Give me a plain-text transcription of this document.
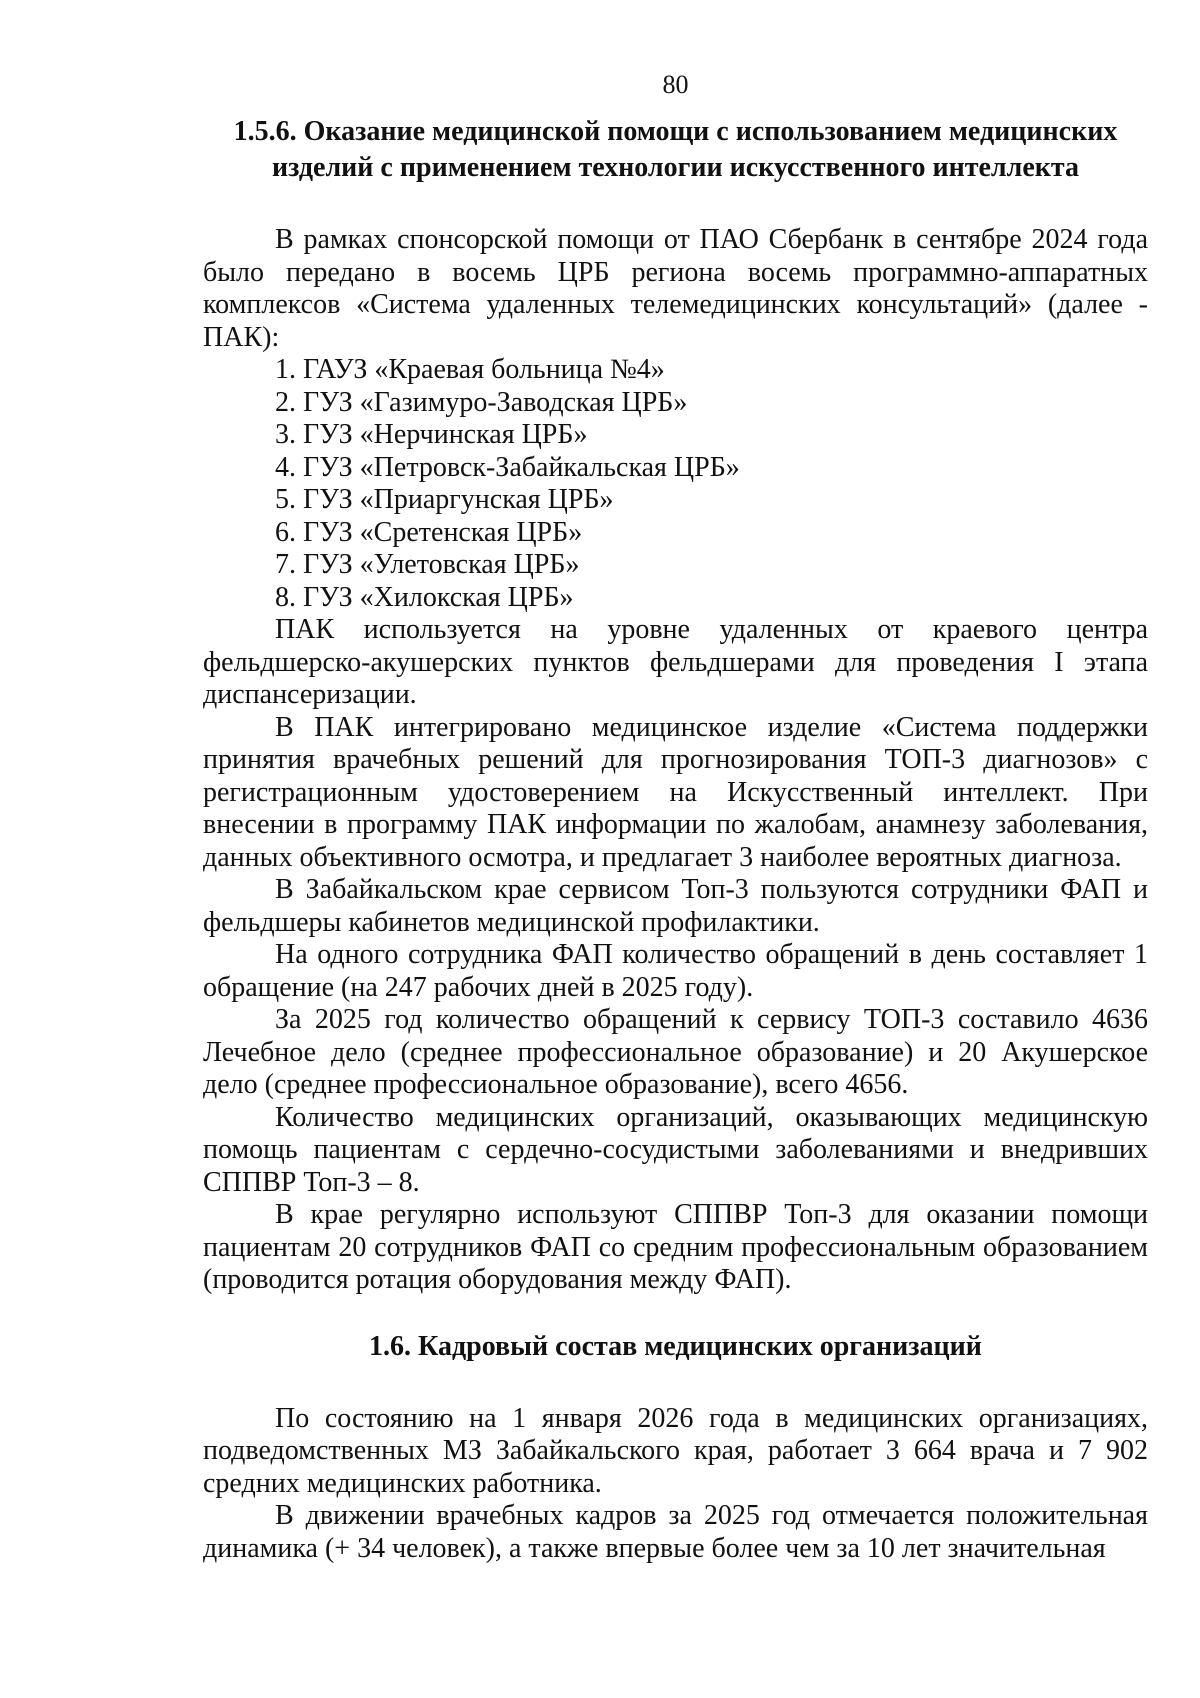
80
1.5.6. Оказание медицинской помощи с использованием медицинских
изделий с применением технологии искусственного интеллекта

В рамках спонсорской помощи от ПАО Сбербанк в сентябре 2024 года было передано в восемь ЦРБ региона восемь программно-аппаратных комплексов «Система удаленных телемедицинских консультаций» (далее - ПАК):

1. ГАУЗ «Краевая больница №4»
2. ГУЗ «Газимуро-Заводская ЦРБ»
3. ГУЗ «Нерчинская ЦРБ»
4. ГУЗ «Петровск-Забайкальская ЦРБ»
5. ГУЗ «Приаргунская ЦРБ»
6. ГУЗ «Сретенская ЦРБ»
7. ГУЗ «Улетовская ЦРБ»
8. ГУЗ «Хилокская ЦРБ»

ПАК используется на уровне удаленных от краевого центра фельдшерско-акушерских пунктов фельдшерами для проведения I этапа диспансеризации.

В ПАК интегрировано медицинское изделие «Система поддержки принятия врачебных решений для прогнозирования ТОП-3 диагнозов» с регистрационным удостоверением на Искусственный интеллект. При внесении в программу ПАК информации по жалобам, анамнезу заболевания, данных объективного осмотра, и предлагает 3 наиболее вероятных диагноза.

В Забайкальском крае сервисом Топ-3 пользуются сотрудники ФАП и фельдшеры кабинетов медицинской профилактики.

На одного сотрудника ФАП количество обращений в день составляет 1 обращение (на 247 рабочих дней в 2025 году).

За 2025 год количество обращений к сервису ТОП-3 составило 4636 Лечебное дело (среднее профессиональное образование) и 20 Акушерское дело (среднее профессиональное образование), всего 4656.

Количество медицинских организаций, оказывающих медицинскую помощь пациентам с сердечно-сосудистыми заболеваниями и внедривших СППВР Топ-3 – 8.

В крае регулярно используют СППВР Топ-3 для оказании помощи пациентам 20 сотрудников ФАП со средним профессиональным образованием (проводится ротация оборудования между ФАП).

1.6. Кадровый состав медицинских организаций

По состоянию на 1 января 2026 года в медицинских организациях, подведомственных МЗ Забайкальского края, работает 3 664 врача и 7 902 средних медицинских работника.

В движении врачебных кадров за 2025 год отмечается положительная динамика (+ 34 человек), а также впервые более чем за 10 лет значительная
